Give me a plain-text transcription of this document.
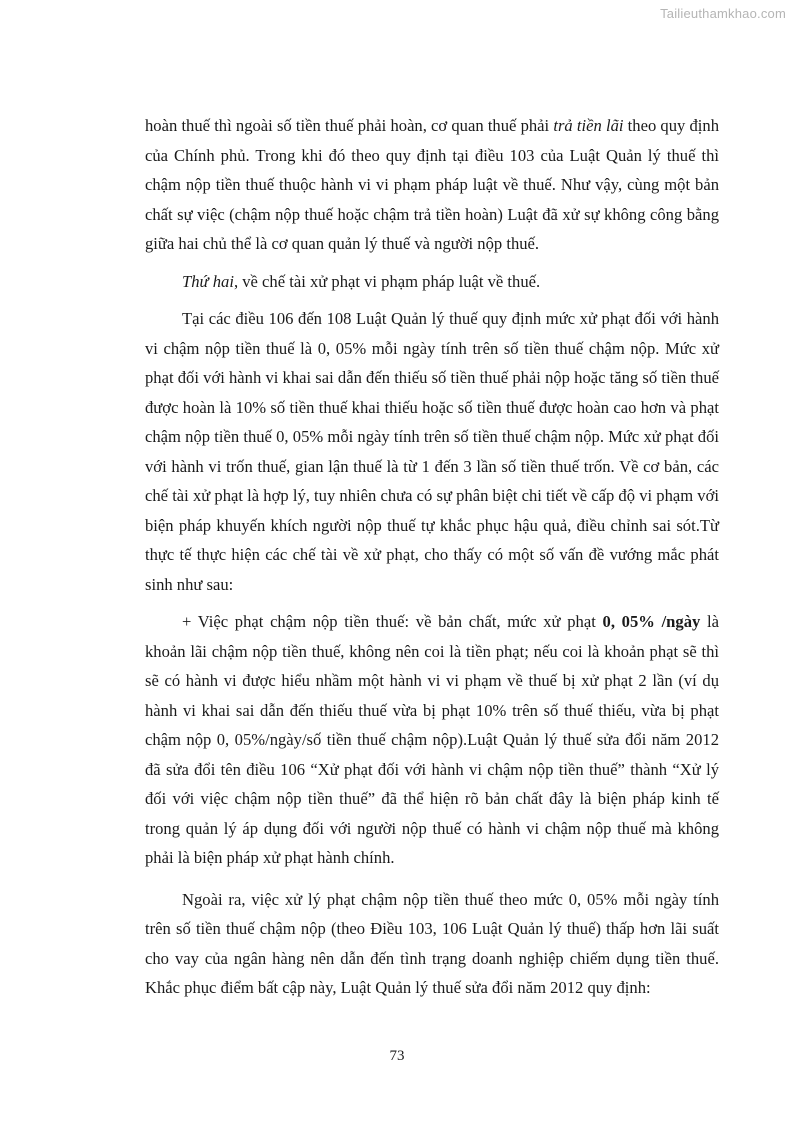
Tailieuthamkhao.com

hoàn thuế thì ngoài số tiền thuế phải hoàn, cơ quan thuế phải trả tiền lãi theo quy định của Chính phủ. Trong khi đó theo quy định tại điều 103 của Luật Quản lý thuế thì chậm nộp tiền thuế thuộc hành vi vi phạm pháp luật về thuế. Như vậy, cùng một bản chất sự việc (chậm nộp thuế hoặc chậm trả tiền hoàn) Luật đã xử sự không công bằng giữa hai chủ thể là cơ quan quản lý thuế và người nộp thuế.

Thứ hai, về chế tài xử phạt vi phạm pháp luật về thuế.

Tại các điều 106 đến 108 Luật Quản lý thuế quy định mức xử phạt đối với hành vi chậm nộp tiền thuế là 0, 05% mỗi ngày tính trên số tiền thuế chậm nộp. Mức xử phạt đối với hành vi khai sai dẫn đến thiếu số tiền thuế phải nộp hoặc tăng số tiền thuế được hoàn là 10% số tiền thuế khai thiếu hoặc số tiền thuế được hoàn cao hơn và phạt chậm nộp tiền thuế 0, 05% mỗi ngày tính trên số tiền thuế chậm nộp. Mức xử phạt đối với hành vi trốn thuế, gian lận thuế là từ 1 đến 3 lần số tiền thuế trốn. Về cơ bản, các chế tài xử phạt là hợp lý, tuy nhiên chưa có sự phân biệt chi tiết về cấp độ vi phạm với biện pháp khuyến khích người nộp thuế tự khắc phục hậu quả, điều chỉnh sai sót.Từ thực tế thực hiện các chế tài về xử phạt, cho thấy có một số vấn đề vướng mắc phát sinh như sau:

+ Việc phạt chậm nộp tiền thuế: về bản chất, mức xử phạt 0, 05% /ngày là khoản lãi chậm nộp tiền thuế, không nên coi là tiền phạt; nếu coi là khoản phạt sẽ thì sẽ có hành vi được hiểu nhầm một hành vi vi phạm về thuế bị xử phạt 2 lần (ví dụ hành vi khai sai dẫn đến thiếu thuế vừa bị phạt 10% trên số thuế thiếu, vừa bị phạt chậm nộp 0, 05%/ngày/số tiền thuế chậm nộp).Luật Quản lý thuế sửa đổi năm 2012 đã sửa đổi tên điều 106 “Xử phạt đối với hành vi chậm nộp tiền thuế” thành “Xử lý đối với việc chậm nộp tiền thuế” đã thể hiện rõ bản chất đây là biện pháp kinh tế trong quản lý áp dụng đối với người nộp thuế có hành vi chậm nộp thuế mà không phải là biện pháp xử phạt hành chính.

Ngoài ra, việc xử lý phạt chậm nộp tiền thuế theo mức 0, 05% mỗi ngày tính trên số tiền thuế chậm nộp (theo Điều 103, 106 Luật Quản lý thuế) thấp hơn lãi suất cho vay của ngân hàng nên dẫn đến tình trạng doanh nghiệp chiếm dụng tiền thuế. Khắc phục điểm bất cập này, Luật Quản lý thuế sửa đổi năm 2012 quy định:

73
